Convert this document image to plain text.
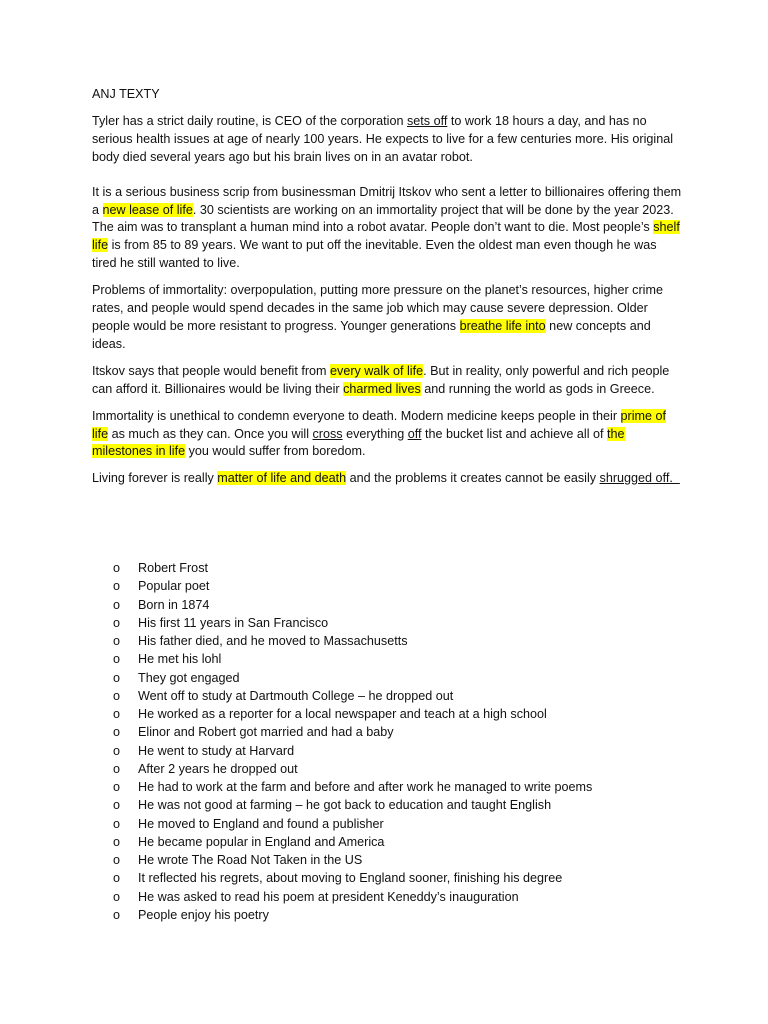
ANJ TEXTY

Tyler has a strict daily routine, is CEO of the corporation sets off to work 18 hours a day, and has no serious health issues at age of nearly 100 years. He expects to live for a few centuries more. His original body died several years ago but his brain lives on in an avatar robot.

It is a serious business scrip from businessman Dmitrij Itskov who sent a letter to billionaires offering them a new lease of life. 30 scientists are working on an immortality project that will be done by the year 2023. The aim was to transplant a human mind into a robot avatar. People don’t want to die. Most people’s shelf life is from 85 to 89 years. We want to put off the inevitable. Even the oldest man even though he was tired he still wanted to live.

Problems of immortality: overpopulation, putting more pressure on the planet’s resources, higher crime rates, and people would spend decades in the same job which may cause severe depression. Older people would be more resistant to progress. Younger generations breathe life into new concepts and ideas.

Itskov says that people would benefit from every walk of life. But in reality, only powerful and rich people can afford it. Billionaires would be living their charmed lives and running the world as gods in Greece.

Immortality is unethical to condemn everyone to death. Modern medicine keeps people in their prime of life as much as they can. Once you will cross everything off the bucket list and achieve all of the milestones in life you would suffer from boredom.

Living forever is really matter of life and death and the problems it creates cannot be easily shrugged off.

o	Robert Frost
o	Popular poet
o	Born in 1874
o	His first 11 years in San Francisco
o	His father died, and he moved to Massachusetts
o	He met his lohl
o	They got engaged
o	Went off to study at Dartmouth College – he dropped out
o	He worked as a reporter for a local newspaper and teach at a high school
o	Elinor and Robert got married and had a baby
o	He went to study at Harvard
o	After 2 years he dropped out
o	He had to work at the farm and before and after work he managed to write poems
o	He was not good at farming – he got back to education and taught English
o	He moved to England and found a publisher
o	He became popular in England and America
o	He wrote The Road Not Taken in the US
o	It reflected his regrets, about moving to England sooner, finishing his degree
o	He was asked to read his poem at president Keneddy’s inauguration
o	People enjoy his poetry
